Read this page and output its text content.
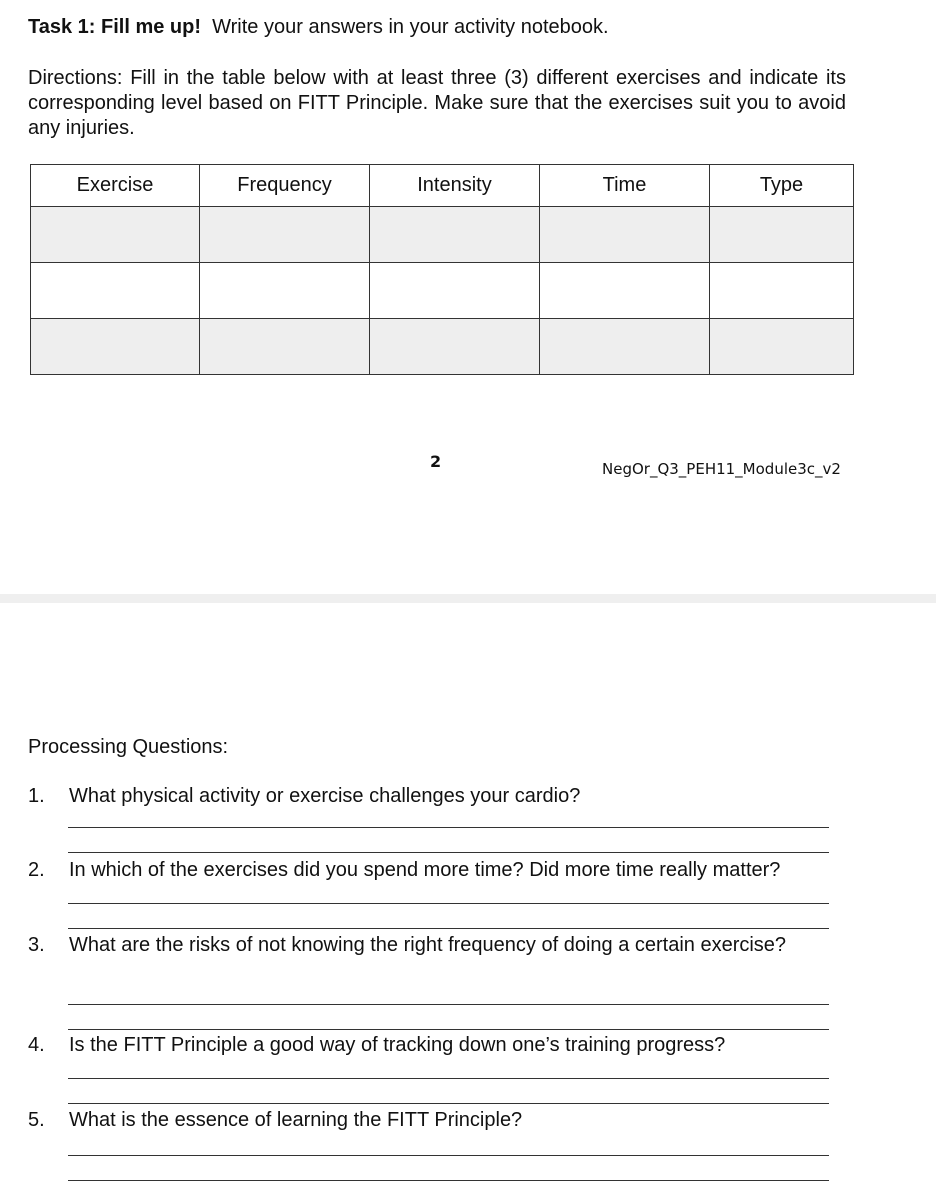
Task 1: Fill me up! Write your answers in your activity notebook.
Directions: Fill in the table below with at least three (3) different exercises and indicate its corresponding level based on FITT Principle. Make sure that the exercises suit you to avoid any injuries.
Exercise	Frequency	Intensity	Time	Type

2	NegOr_Q3_PEH11_Module3c_v2
Processing Questions:
1. What physical activity or exercise challenges your cardio?
2. In which of the exercises did you spend more time? Did more time really matter?
3. What are the risks of not knowing the right frequency of doing a certain exercise?
4. Is the FITT Principle a good way of tracking down one’s training progress?
5. What is the essence of learning the FITT Principle?
